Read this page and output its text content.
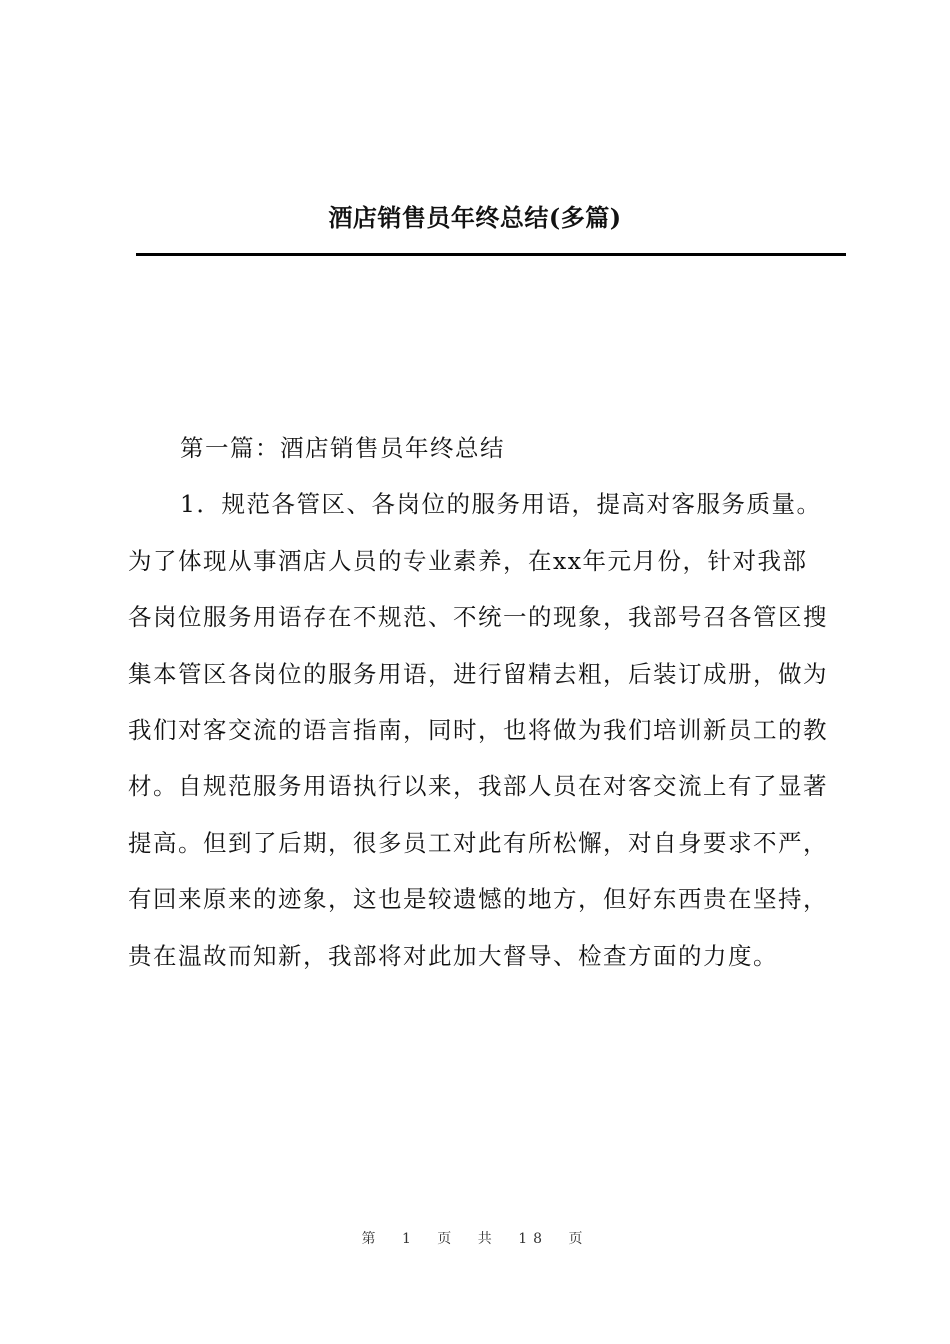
酒店销售员年终总结(多篇)
第一篇：酒店销售员年终总结
1．规范各管区、各岗位的服务用语，提高对客服务质量。
为了体现从事酒店人员的专业素养，在xx年元月份，针对我部
各岗位服务用语存在不规范、不统一的现象，我部号召各管区搜
集本管区各岗位的服务用语，进行留精去粗，后装订成册，做为
我们对客交流的语言指南，同时，也将做为我们培训新员工的教
材。自规范服务用语执行以来，我部人员在对客交流上有了显著
提高。但到了后期，很多员工对此有所松懈，对自身要求不严，
有回来原来的迹象，这也是较遗憾的地方，但好东西贵在坚持，
贵在温故而知新，我部将对此加大督导、检查方面的力度。
第 1 页 共 18 页
